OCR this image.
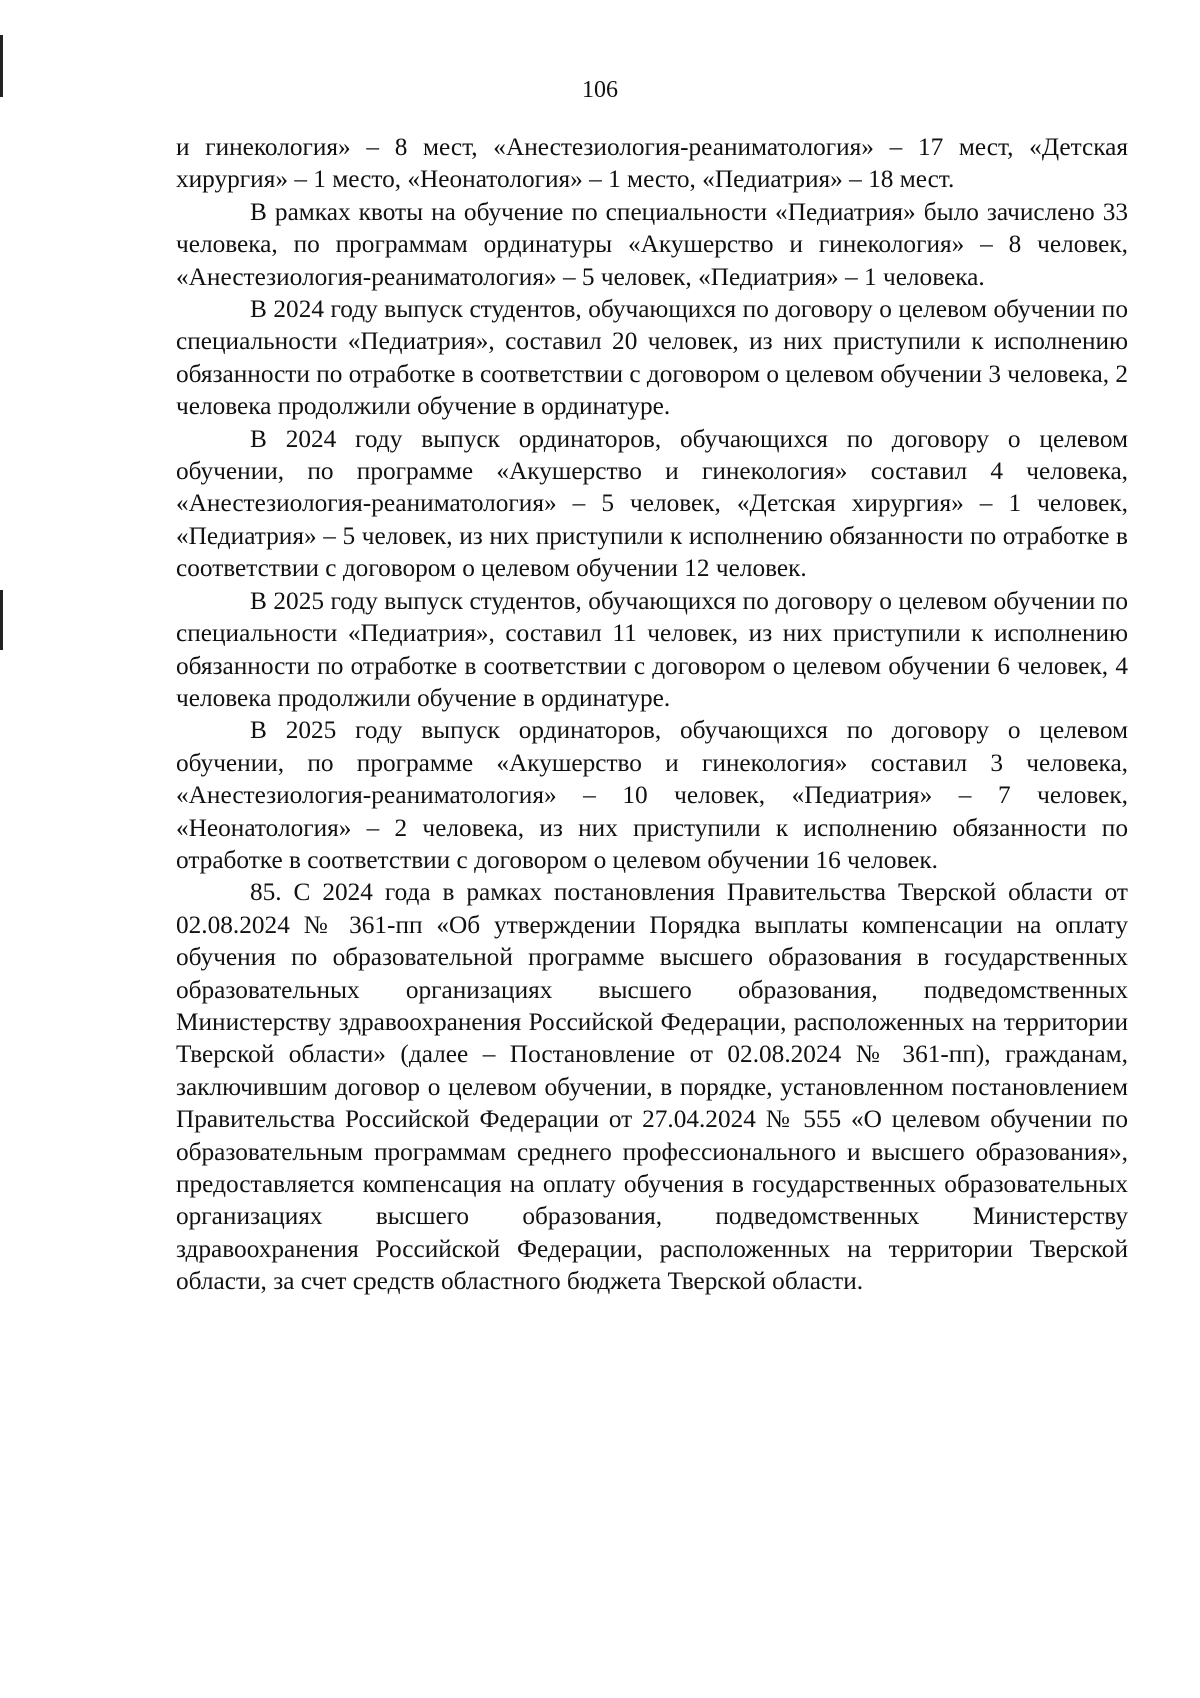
106

и гинекология» – 8 мест, «Анестезиология-реаниматология» – 17 мест, «Детская хирургия» – 1 место, «Неонатология» – 1 место, «Педиатрия» – 18 мест.

В рамках квоты на обучение по специальности «Педиатрия» было зачислено 33 человека, по программам ординатуры «Акушерство и гинекология» – 8 человек, «Анестезиология-реаниматология» – 5 человек, «Педиатрия» – 1 человека.

В 2024 году выпуск студентов, обучающихся по договору о целевом обучении по специальности «Педиатрия», составил 20 человек, из них приступили к исполнению обязанности по отработке в соответствии с договором о целевом обучении 3 человека, 2 человека продолжили обучение в ординатуре.

В 2024 году выпуск ординаторов, обучающихся по договору о целевом обучении, по программе «Акушерство и гинекология» составил 4 человека, «Анестезиология-реаниматология» – 5 человек, «Детская хирургия» – 1 человек, «Педиатрия» – 5 человек, из них приступили к исполнению обязанности по отработке в соответствии с договором о целевом обучении 12 человек.

В 2025 году выпуск студентов, обучающихся по договору о целевом обучении по специальности «Педиатрия», составил 11 человек, из них приступили к исполнению обязанности по отработке в соответствии с договором о целевом обучении 6 человек, 4 человека продолжили обучение в ординатуре.

В 2025 году выпуск ординаторов, обучающихся по договору о целевом обучении, по программе «Акушерство и гинекология» составил 3 человека, «Анестезиология-реаниматология» – 10 человек, «Педиатрия» – 7 человек, «Неонатология» – 2 человека, из них приступили к исполнению обязанности по отработке в соответствии с договором о целевом обучении 16 человек.

85. С 2024 года в рамках постановления Правительства Тверской области от 02.08.2024 № 361-пп «Об утверждении Порядка выплаты компенсации на оплату обучения по образовательной программе высшего образования в государственных образовательных организациях высшего образования, подведомственных Министерству здравоохранения Российской Федерации, расположенных на территории Тверской области» (далее – Постановление от 02.08.2024 № 361-пп), гражданам, заключившим договор о целевом обучении, в порядке, установленном постановлением Правительства Российской Федерации от 27.04.2024 № 555 «О целевом обучении по образовательным программам среднего профессионального и высшего образования», предоставляется компенсация на оплату обучения в государственных образовательных организациях высшего образования, подведомственных Министерству здравоохранения Российской Федерации, расположенных на территории Тверской области, за счет средств областного бюджета Тверской области.
